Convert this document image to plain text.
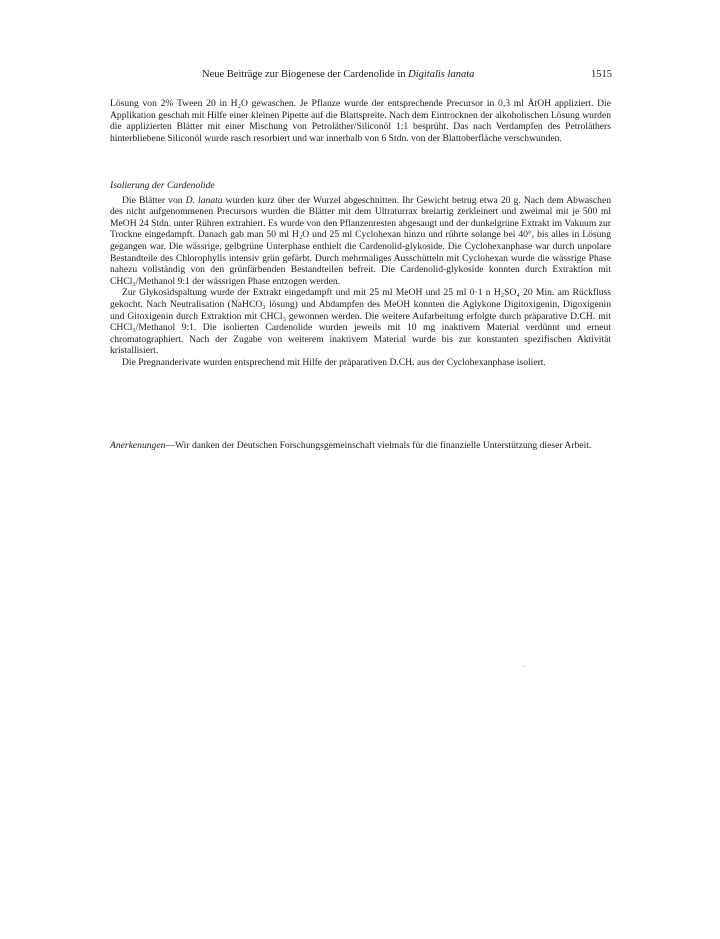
Neue Beiträge zur Biogenese der Cardenolide in Digitalis lanata	1515

Lösung von 2% Tween 20 in H₂O gewaschen. Je Pflanze wurde der entsprechende Precursor in 0,3 ml ÄtOH appliziert. Die Applikation geschah mit Hilfe einer kleinen Pipette auf die Blattspreite. Nach dem Eintrocknen der alkoholischen Lösung wurden die applizierten Blätter mit einer Mischung von Petroläther/Siliconöl 1:1 besprüht. Das nach Verdampfen des Petroläthers hinterbliebene Siliconöl wurde rasch resorbiert und war innerhalb von 6 Stdn. von der Blattoberfläche verschwunden.

Isolierung der Cardenolide

Die Blätter von D. lanata wurden kurz über der Wurzel abgeschnitten. Ihr Gewicht betrug etwa 20 g. Nach dem Abwaschen des nicht aufgenommenen Precursors wurden die Blätter mit dem Ultraturrax breiartig zerkleinert und zweimal mit je 500 ml MeOH 24 Stdn. unter Rühren extrahiert. Es wurde von den Pflanzenresten abgesaugt und der dunkelgrüne Extrakt im Vakuum zur Trockne eingedampft. Danach gab man 50 ml H₂O und 25 ml Cyclohexan hinzu und rührte solange bei 40°, bis alles in Lösung gegangen war. Die wässrige, gelbgrüne Unterphase enthielt die Cardenolid-glykoside. Die Cyclohexanphase war durch unpolare Bestandteile des Chlorophylls intensiv grün gefärbt. Durch mehrmaliges Ausschütteln mit Cyclohexan wurde die wässrige Phase nahezu vollständig von den grünfärbenden Bestandteilen befreit. Die Cardenolid-glykoside konnten durch Extraktion mit CHCl₃/Methanol 9:1 der wässrigen Phase entzogen werden.

Zur Glykosidspaltung wurde der Extrakt eingedampft und mit 25 ml MeOH und 25 ml 0·1 n H₂SO₄ 20 Min. am Rückfluss gekocht. Nach Neutralisation (NaHCO₃ lösung) und Abdampfen des MeOH konnten die Aglykone Digitoxigenin, Digoxigenin und Gitoxigenin durch Extraktion mit CHCl₃ gewonnen werden. Die weitere Aufarbeitung erfolgte durch präparative D.CH. mit CHCl₃/Methanol 9:1. Die isolierten Cardenolide wurden jeweils mit 10 mg inaktivem Material verdünnt und erneut chromatographiert. Nach der Zugabe von weiterem inaktivem Material wurde bis zur konstanten spezifischen Aktivität kristallisiert.

Die Pregnanderivate wurden entsprechend mit Hilfe der präparativen D.CH. aus der Cyclohexanphase isoliert.

Anerkenungen—Wir danken der Deutschen Forschungsgemeinschaft vielmals für die finanzielle Unterstützung dieser Arbeit.
